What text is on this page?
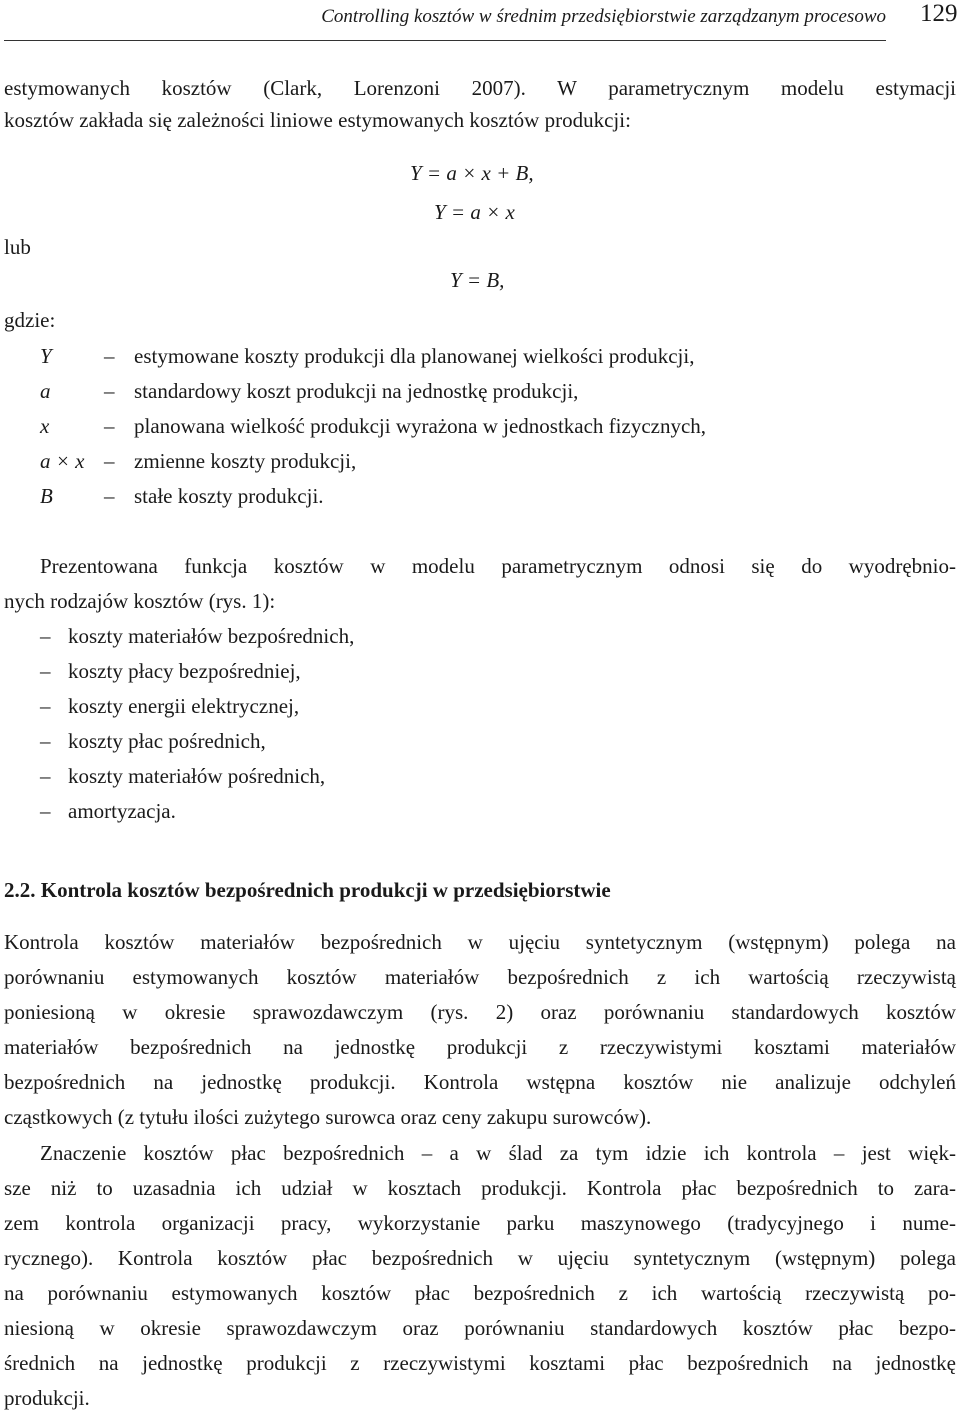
Controlling kosztów w średnim przedsiębiorstwie zarządzanym procesowo 129
estymowanych kosztów (Clark, Lorenzoni 2007). W parametrycznym modelu estymacji
kosztów zakłada się zależności liniowe estymowanych kosztów produkcji:
Y = a × x + B,
Y = a × x
lub
Y = B,
gdzie:
Y – estymowane koszty produkcji dla planowanej wielkości produkcji,
a	– standardowy koszt produkcji na jednostkę produkcji,
x	– planowana wielkość produkcji wyrażona w jednostkach fizycznych,
a × x – zmienne koszty produkcji,
B – stałe koszty produkcji.
Prezentowana funkcja kosztów w modelu parametrycznym odnosi się do wyodrębnio-
nych rodzajów kosztów (rys. 1):
– koszty materiałów bezpośrednich,
– koszty płacy bezpośredniej,
– koszty energii elektrycznej,
– koszty płac pośrednich,
– koszty materiałów pośrednich,
– amortyzacja.
2.2. Kontrola kosztów bezpośrednich produkcji w przedsiębiorstwie
Kontrola kosztów materiałów bezpośrednich w ujęciu syntetycznym (wstępnym) polega na
porównaniu estymowanych kosztów materiałów bezpośrednich z ich wartością rzeczywistą
poniesioną w okresie sprawozdawczym (rys. 2) oraz porównaniu standardowych kosztów
materiałów bezpośrednich na jednostkę produkcji z rzeczywistymi kosztami materiałów
bezpośrednich na jednostkę produkcji. Kontrola wstępna kosztów nie analizuje odchyleń
cząstkowych (z tytułu ilości zużytego surowca oraz ceny zakupu surowców).
Znaczenie kosztów płac bezpośrednich – a w ślad za tym idzie ich kontrola – jest więk-
sze niż to uzasadnia ich udział w kosztach produkcji. Kontrola płac bezpośrednich to zara-
zem kontrola organizacji pracy, wykorzystanie parku maszynowego (tradycyjnego i nume-
rycznego). Kontrola kosztów płac bezpośrednich w ujęciu syntetycznym (wstępnym) polega
na porównaniu estymowanych kosztów płac bezpośrednich z ich wartością rzeczywistą po-
niesioną w okresie sprawozdawczym oraz porównaniu standardowych kosztów płac bezpo-
średnich na jednostkę produkcji z rzeczywistymi kosztami płac bezpośrednich na jednostkę
produkcji.
